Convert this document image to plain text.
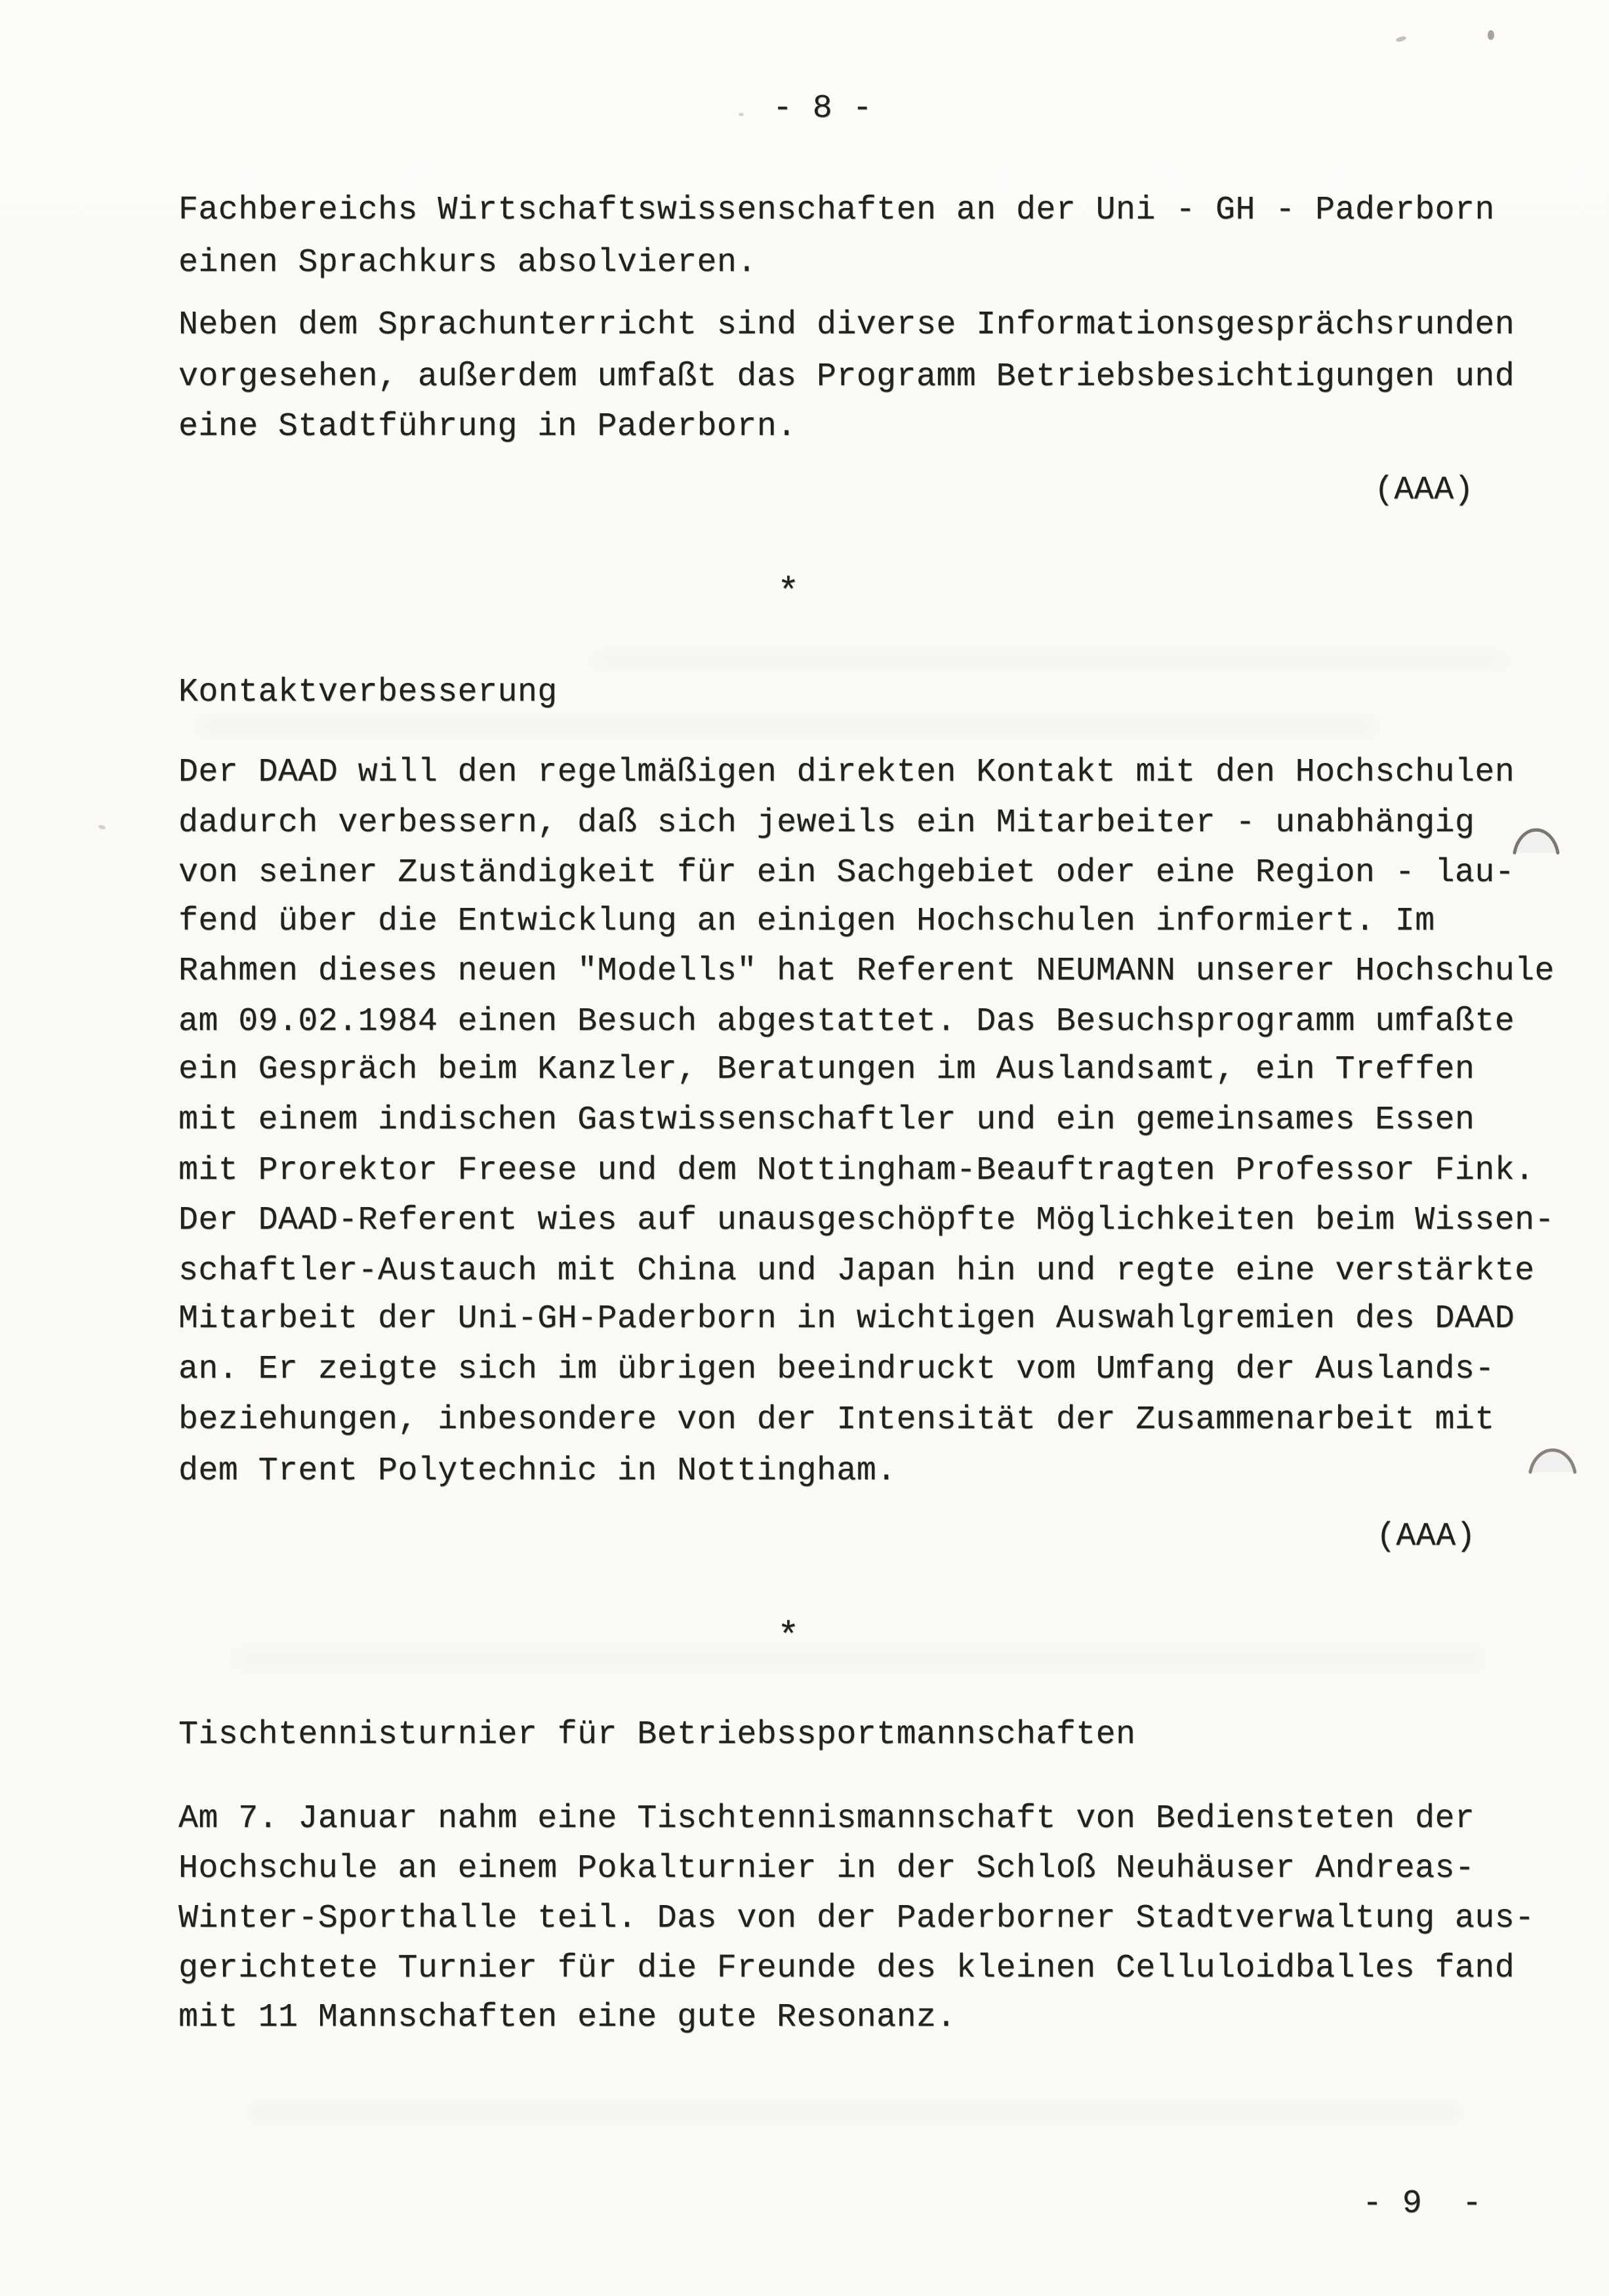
- 8 -
Fachbereichs Wirtschaftswissenschaften an der Uni - GH - Paderborn
einen Sprachkurs absolvieren.
Neben dem Sprachunterricht sind diverse Informationsgesprächsrunden
vorgesehen, außerdem umfaßt das Programm Betriebsbesichtigungen und
eine Stadtführung in Paderborn.
(AAA)
*
Kontaktverbesserung
Der DAAD will den regelmäßigen direkten Kontakt mit den Hochschulen
dadurch verbessern, daß sich jeweils ein Mitarbeiter - unabhängig
von seiner Zuständigkeit für ein Sachgebiet oder eine Region - lau-
fend über die Entwicklung an einigen Hochschulen informiert. Im
Rahmen dieses neuen "Modells" hat Referent NEUMANN unserer Hochschule
am 09.02.1984 einen Besuch abgestattet. Das Besuchsprogramm umfaßte
ein Gespräch beim Kanzler, Beratungen im Auslandsamt, ein Treffen
mit einem indischen Gastwissenschaftler und ein gemeinsames Essen
mit Prorektor Freese und dem Nottingham-Beauftragten Professor Fink.
Der DAAD-Referent wies auf unausgeschöpfte Möglichkeiten beim Wissen-
schaftler-Austauch mit China und Japan hin und regte eine verstärkte
Mitarbeit der Uni-GH-Paderborn in wichtigen Auswahlgremien des DAAD
an. Er zeigte sich im übrigen beeindruckt vom Umfang der Auslands-
beziehungen, inbesondere von der Intensität der Zusammenarbeit mit
dem Trent Polytechnic in Nottingham.
(AAA)
*
Tischtennisturnier für Betriebssportmannschaften
Am 7. Januar nahm eine Tischtennismannschaft von Bediensteten der
Hochschule an einem Pokalturnier in der Schloß Neuhäuser Andreas-
Winter-Sporthalle teil. Das von der Paderborner Stadtverwaltung aus-
gerichtete Turnier für die Freunde des kleinen Celluloidballes fand
mit 11 Mannschaften eine gute Resonanz.
- 9  -
